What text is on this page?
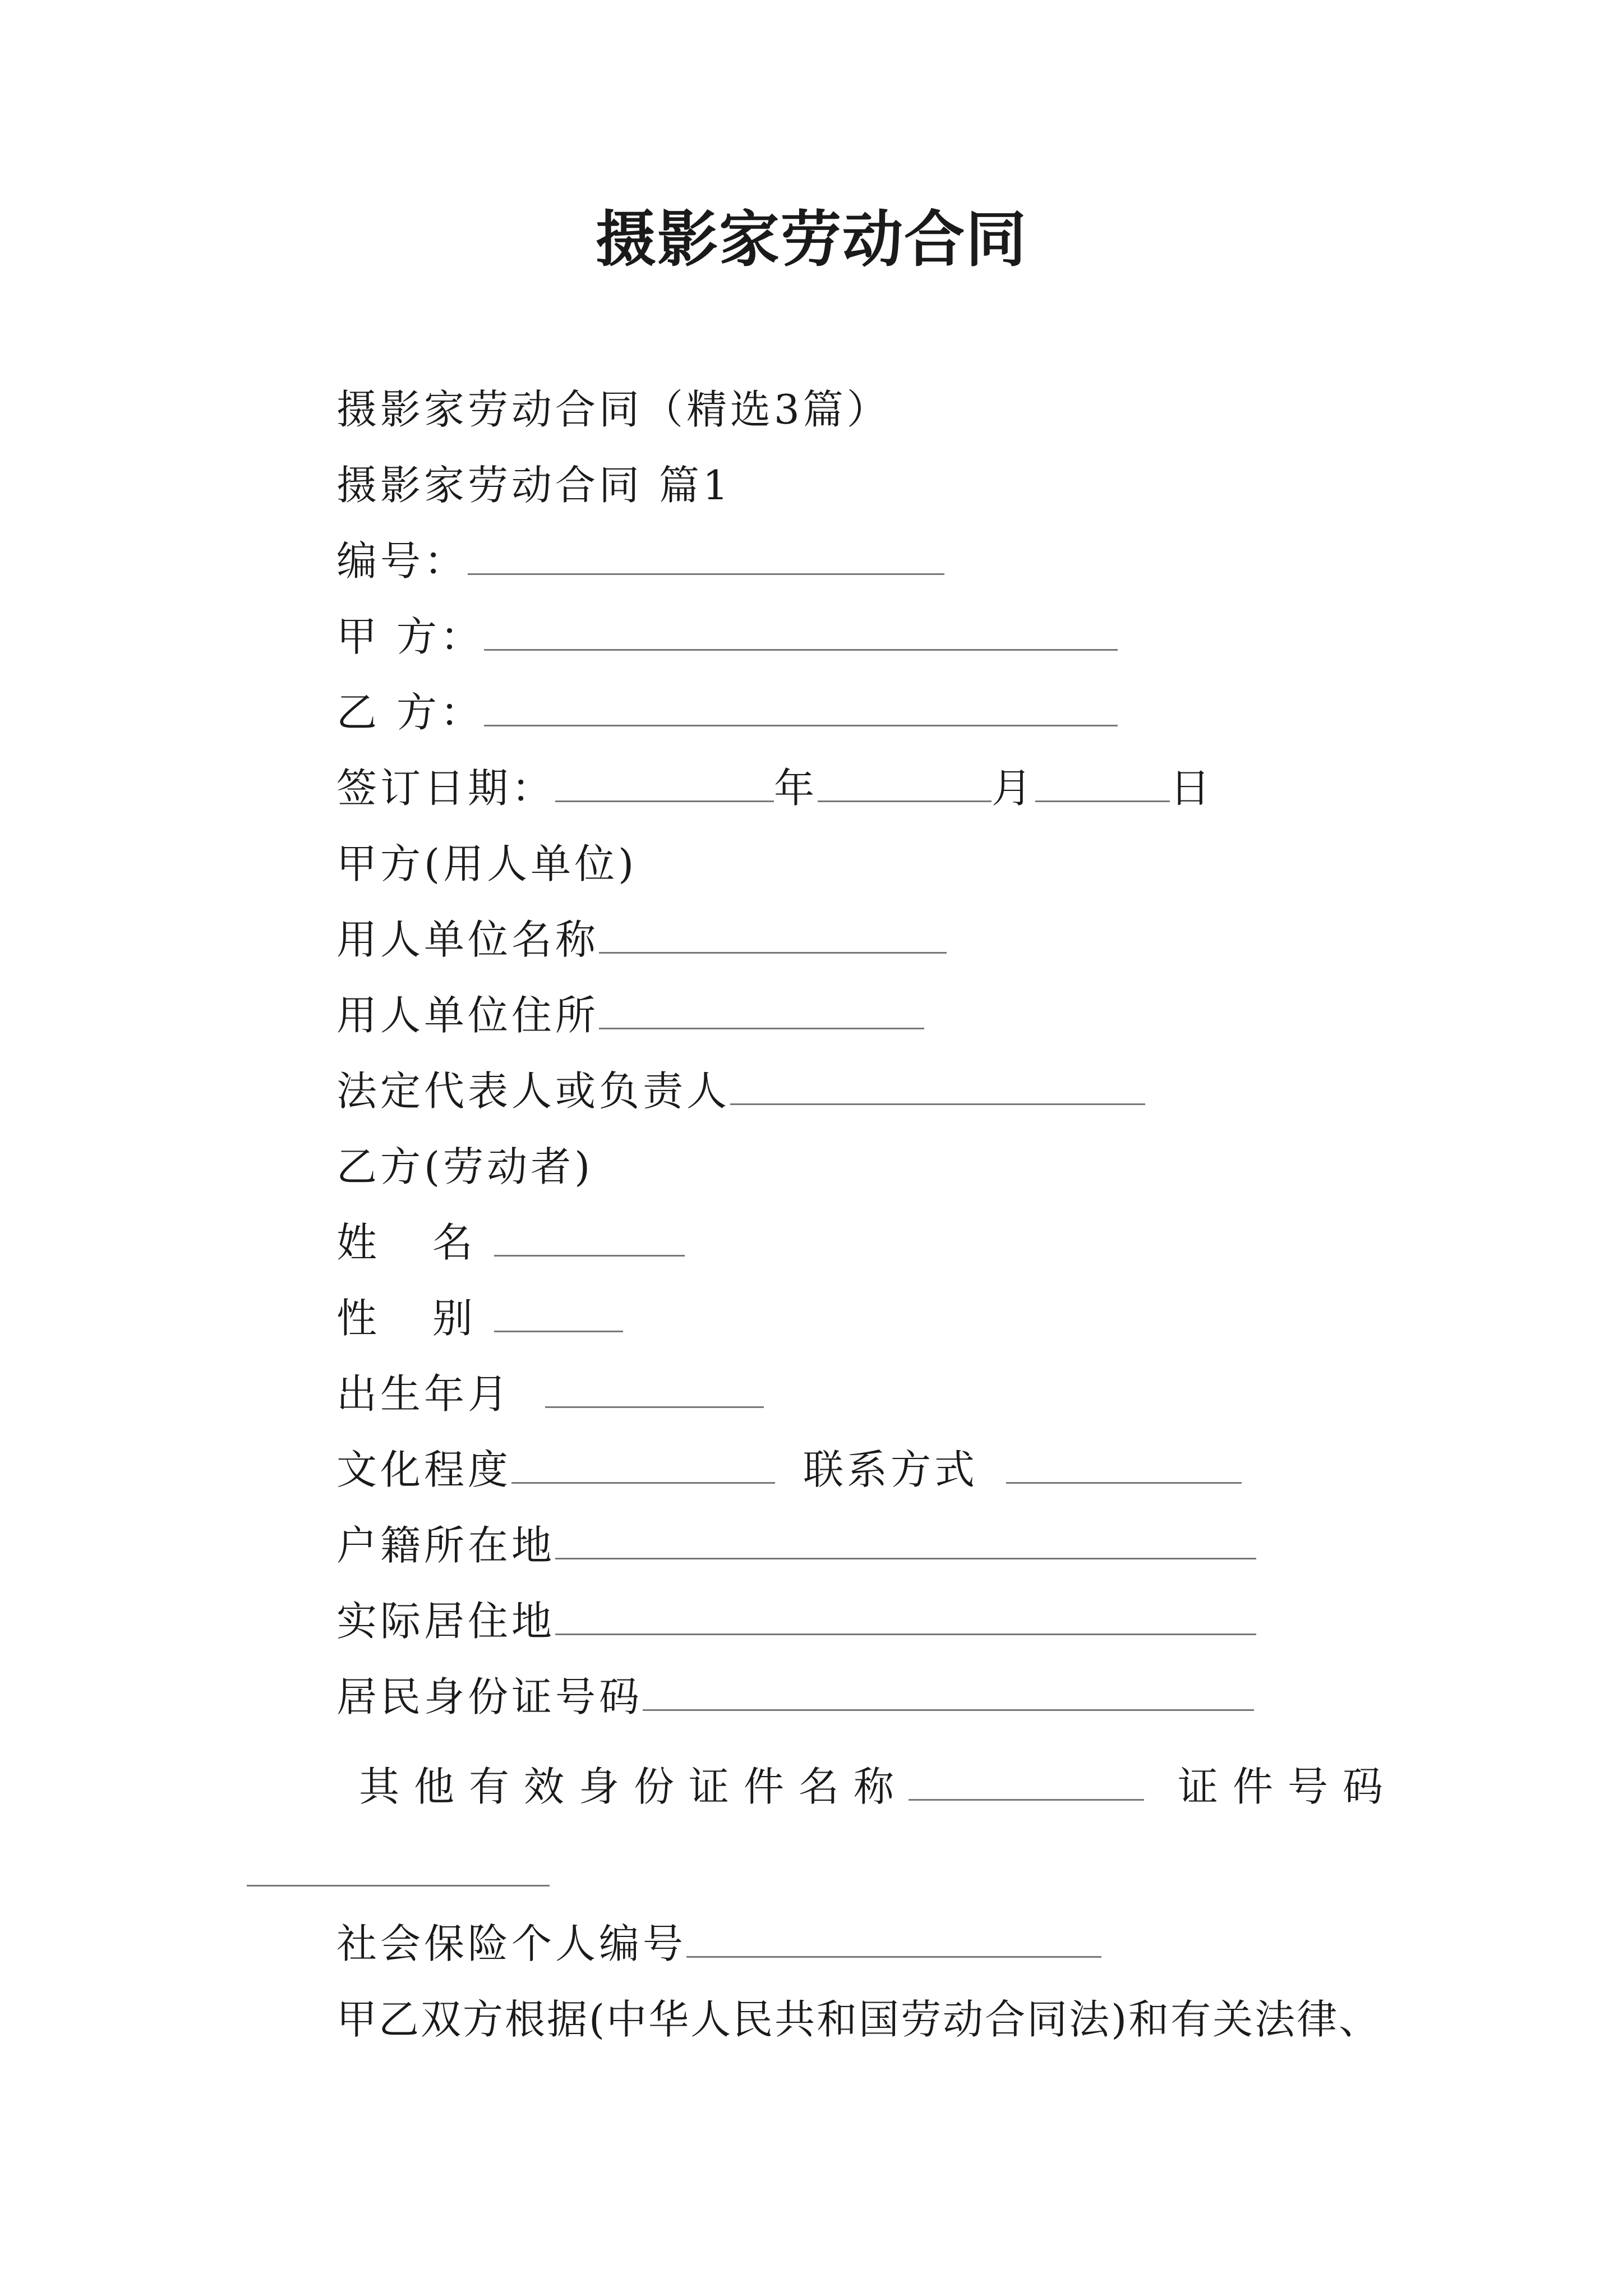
摄影家劳动合同
摄影家劳动合同（精选3篇）
摄影家劳动合同 篇1
编号：
甲 方：
乙 方：
签订日期：	年	月	日
甲方(用人单位)
用人单位名称
用人单位住所
法定代表人或负责人
乙方(劳动者)
姓 名
性 别
出生年月
文化程度	联系方式
户籍所在地
实际居住地
居民身份证号码
其他有效身份证件名称	证件号码
社会保险个人编号
甲乙双方根据(中华人民共和国劳动合同法)和有关法律、
